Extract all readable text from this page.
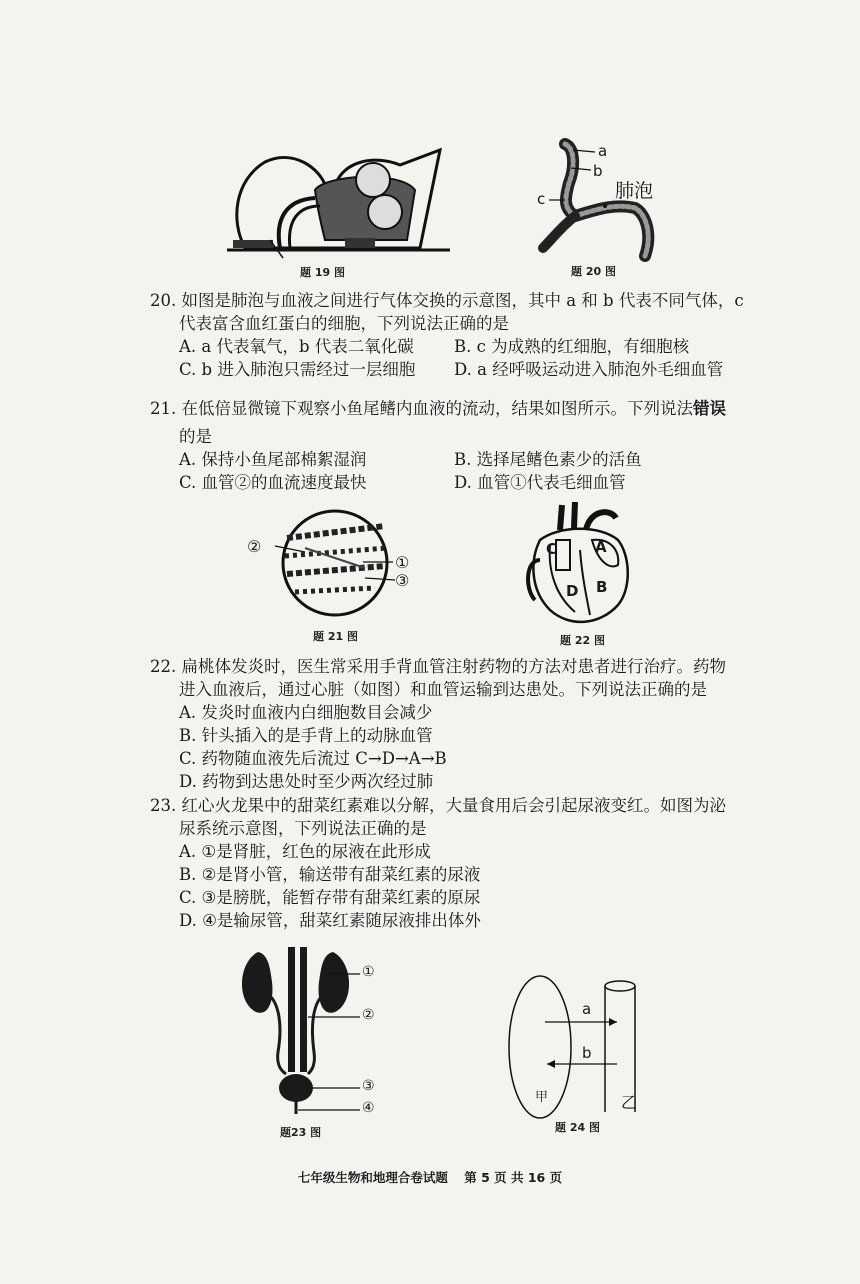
题 19 图
a
b
c	肺泡
题 20 图

20. 如图是肺泡与血液之间进行气体交换的示意图，其中 a 和 b 代表不同气体，c

代表富含血红蛋白的细胞，下列说法正确的是

A. a 代表氧气，b 代表二氧化碳	B. c 为成熟的红细胞，有细胞核
C. b 进入肺泡只需经过一层细胞	D. a 经呼吸运动进入肺泡外毛细血管

21. 在低倍显微镜下观察小鱼尾鳍内血液的流动，结果如图所示。下列说法错误

的是

A. 保持小鱼尾部棉絮湿润	B. 选择尾鳍色素少的活鱼
C. 血管②的血流速度最快	D. 血管①代表毛细血管
②
①
③
题 21 图
C	A
D B
题 22 图

22. 扁桃体发炎时，医生常采用手背血管注射药物的方法对患者进行治疗。药物

进入血液后，通过心脏（如图）和血管运输到达患处。下列说法正确的是

A. 发炎时血液内白细胞数目会减少
B. 针头插入的是手背上的动脉血管
C. 药物随血液先后流过 C→D→A→B
D. 药物到达患处时至少两次经过肺

23. 红心火龙果中的甜菜红素难以分解，大量食用后会引起尿液变红。如图为泌

尿系统示意图，下列说法正确的是

A. ①是肾脏，红色的尿液在此形成
B. ②是肾小管，输送带有甜菜红素的尿液
C. ③是膀胱，能暂存带有甜菜红素的原尿
D. ④是输尿管，甜菜红素随尿液排出体外
①
②
③
④
题23 图
a
b
甲	乙
题 24 图
七年级生物和地理合卷试题 第 5 页 共 16 页
